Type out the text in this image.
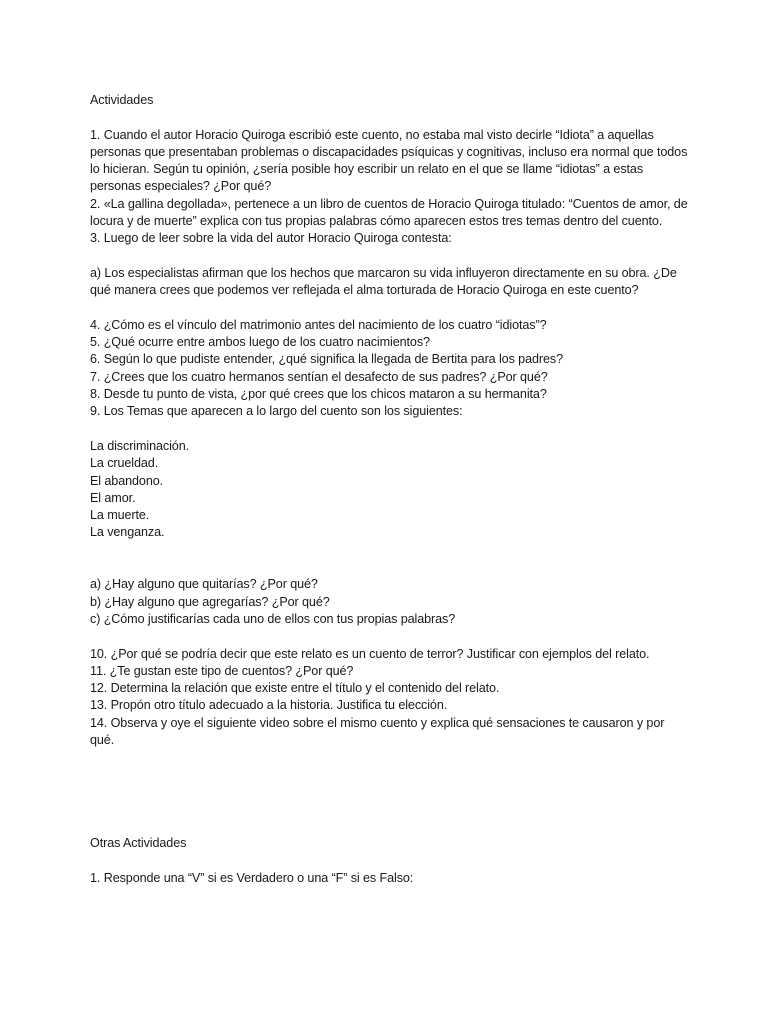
Actividades
1. Cuando el autor Horacio Quiroga escribió este cuento, no estaba mal visto decirle “Idiota” a aquellas personas que presentaban problemas o discapacidades psíquicas y cognitivas, incluso era normal que todos lo hicieran. Según tu opinión, ¿sería posible hoy escribir un relato en el que se llame “idiotas” a estas personas especiales? ¿Por qué?
2. «La gallina degollada», pertenece a un libro de cuentos de Horacio Quiroga titulado: “Cuentos de amor, de locura y de muerte” explica con tus propias palabras cómo aparecen estos tres temas dentro del cuento.
3. Luego de leer sobre la vida del autor Horacio Quiroga contesta:
a) Los especialistas afirman que los hechos que marcaron su vida influyeron directamente en su obra. ¿De qué manera crees que podemos ver reflejada el alma torturada de Horacio Quiroga en este cuento?
4. ¿Cómo es el vínculo del matrimonio antes del nacimiento de los cuatro “idiotas”?
5. ¿Qué ocurre entre ambos luego de los cuatro nacimientos?
6. Según lo que pudiste entender, ¿qué significa la llegada de Bertita para los padres?
7. ¿Crees que los cuatro hermanos sentían el desafecto de sus padres? ¿Por qué?
8. Desde tu punto de vista, ¿por qué crees que los chicos mataron a su hermanita?
9. Los Temas que aparecen a lo largo del cuento son los siguientes:
La discriminación.
La crueldad.
El abandono.
El amor.
La muerte.
La venganza.
a) ¿Hay alguno que quitarías? ¿Por qué?
b) ¿Hay alguno que agregarías? ¿Por qué?
c) ¿Cómo justificarías cada uno de ellos con tus propias palabras?
10. ¿Por qué se podría decir que este relato es un cuento de terror? Justificar con ejemplos del relato.
11. ¿Te gustan este tipo de cuentos? ¿Por qué?
12. Determina la relación que existe entre el título y el contenido del relato.
13. Propón otro título adecuado a la historia. Justifica tu elección.
14. Observa y oye el siguiente video sobre el mismo cuento y explica qué sensaciones te causaron y por qué.
Otras Actividades
1. Responde una “V” si es Verdadero o una “F” si es Falso:
